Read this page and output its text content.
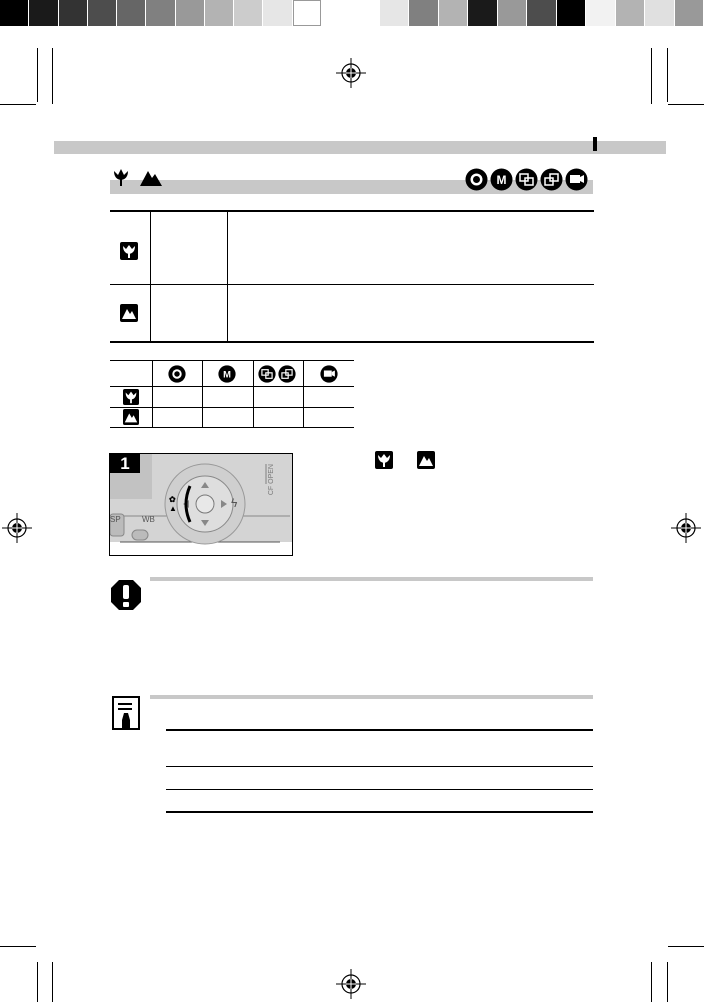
M
M
1
✿
▲	ϟ
CF OPEN
WB
SP
